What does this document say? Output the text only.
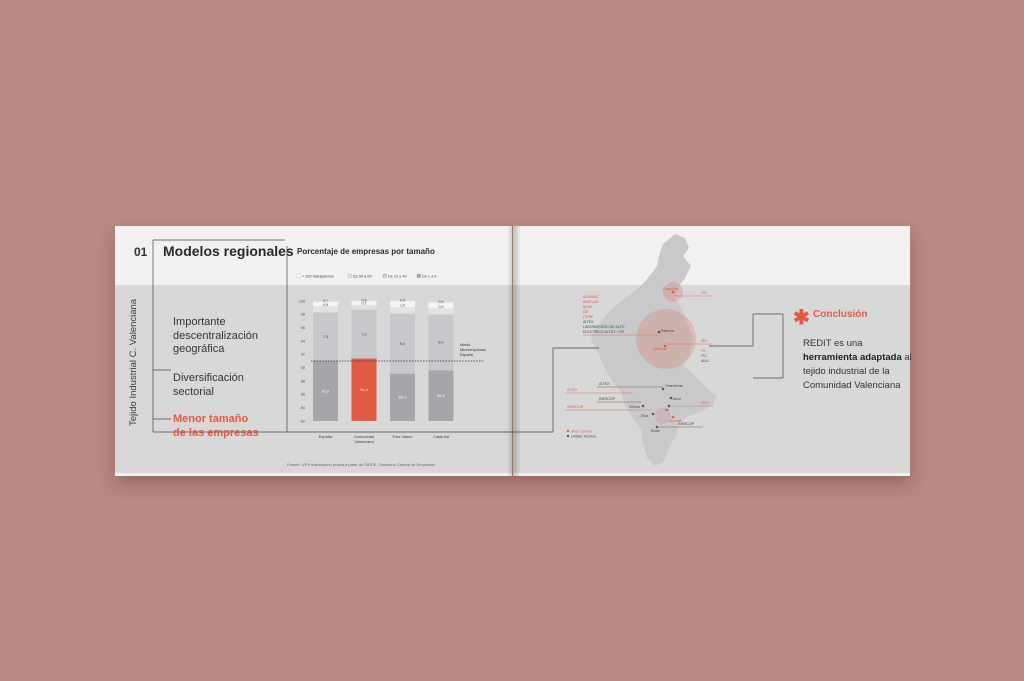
01 Modelos regionales Porcentaje de empresas por tamaño
Tejido Industrial C. Valenciana
> 100 trabajadores	De 50 a 99	De 10 a 49	De 1 a 9
82
84
86
88
90
92
94
96
98
100
91,0
7,3
0,9
0,7
España
91,4
7,3
0,7
0,6
Comunidad
Valenciana
89,1
9,0
1,0
0,9
País Vasco
89,6
8,4
0,9
0,9
Cataluña
Media
Microempresas
España
Importante
descentralización
geográfica
Diversificación
sectorial
Menor tamaño
de las empresas
Fuente: UPV elaboración propia a partir de DIRCE. Directorio Central de Empresas
AIDIMME
AIMPLAS
AINIA
ITE
ITENE
AITEX
LABORATORIO DE ALTO
ELECTRICO ALTEX / ITE
Castellón
Paterna
Valencia
Onteniente
Alcoi
Villena
Ibi
Elda
Alicante
Elche
ITC
IBV
ITI
ITC
AIJU
AITEX
AITEX
INESCOP
INESCOP
AIJU
INESCOP
Sede Central
Unidad Técnica
✱ Conclusión
REDIT es una herramienta adaptada al tejido industrial de la Comunidad Valenciana
